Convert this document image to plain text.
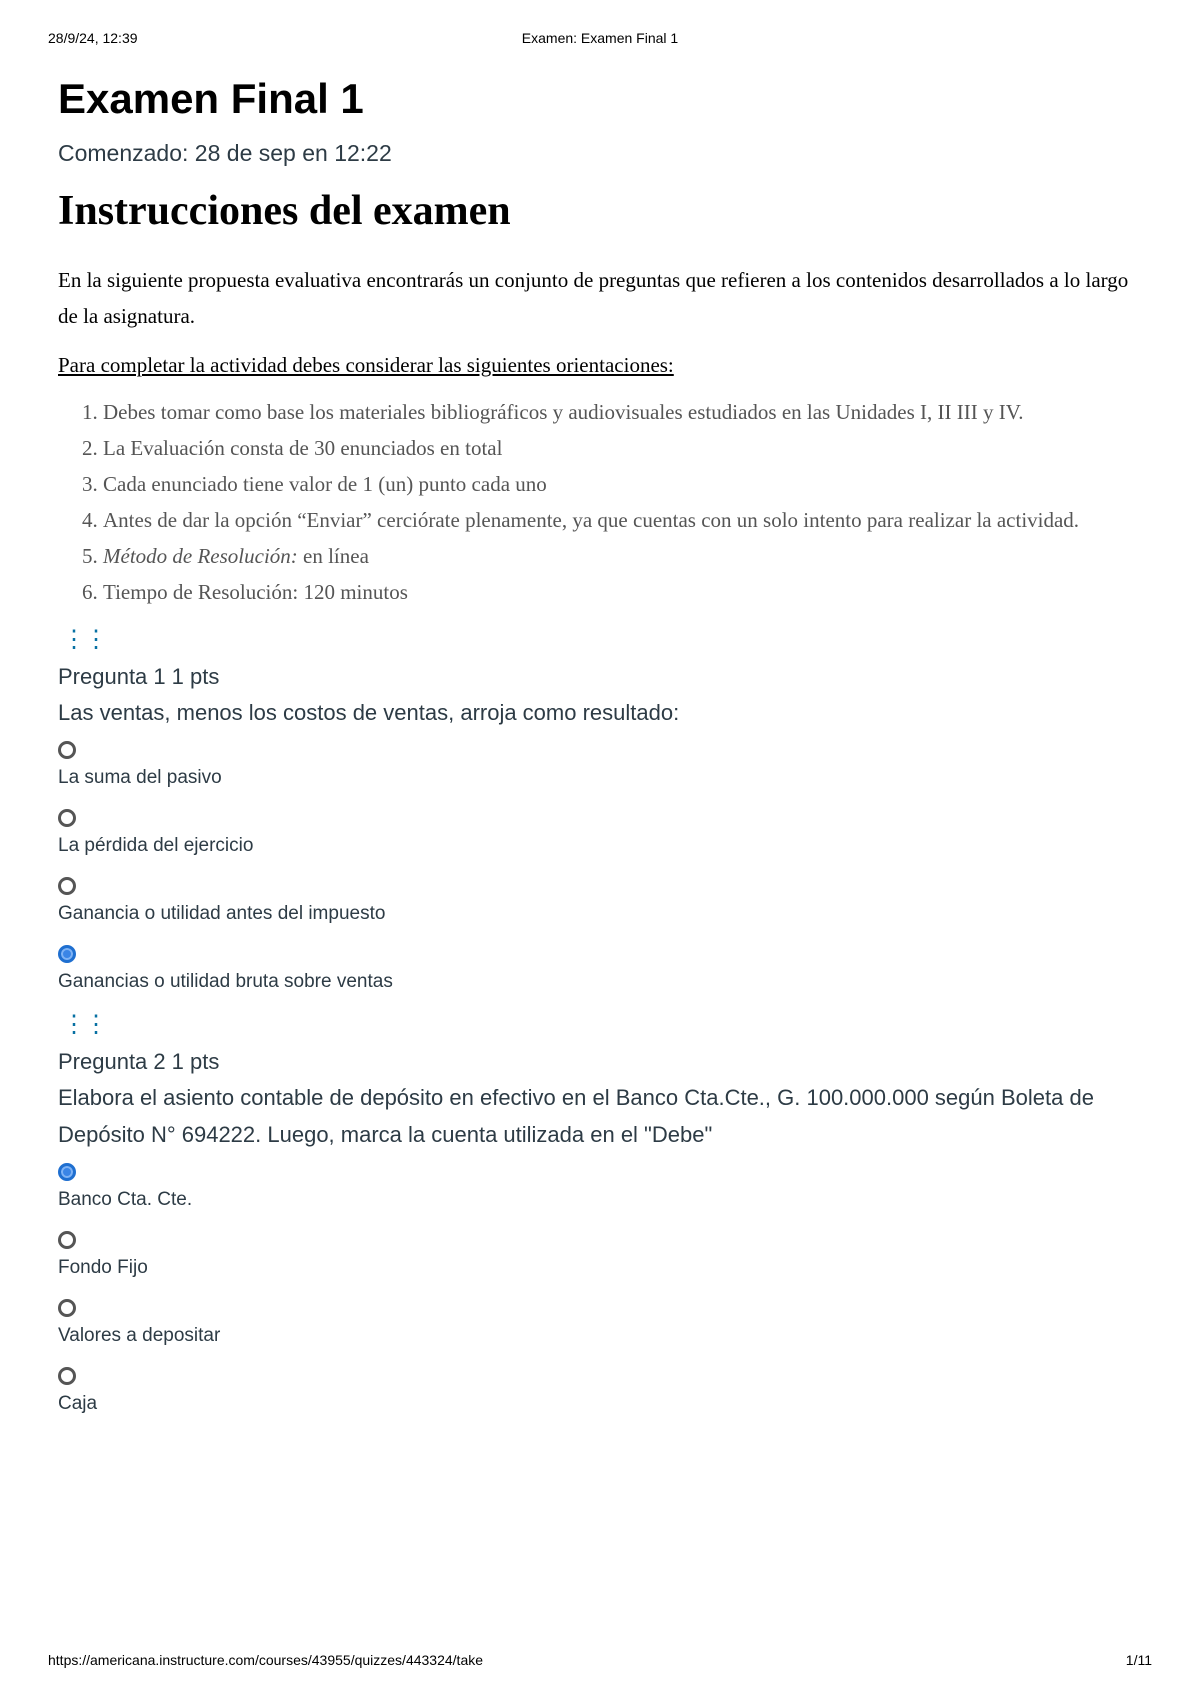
28/9/24, 12:39	Examen: Examen Final 1
Examen Final 1
Comenzado: 28 de sep en 12:22
Instrucciones del examen
En la siguiente propuesta evaluativa encontrarás un conjunto de preguntas que refieren a los contenidos desarrollados a lo largo de la asignatura.
Para completar la actividad debes considerar las siguientes orientaciones:
1. Debes tomar como base los materiales bibliográficos y audiovisuales estudiados en las Unidades I, II III y IV.
2. La Evaluación consta de 30 enunciados en total
3. Cada enunciado tiene valor de 1 (un) punto cada uno
4. Antes de dar la opción “Enviar” cerciórate plenamente, ya que cuentas con un solo intento para realizar la actividad.
5. Método de Resolución: en línea
6. Tiempo de Resolución: 120 minutos
⋮⋮
Pregunta 1 1 pts
Las ventas, menos los costos de ventas, arroja como resultado:
La suma del pasivo
La pérdida del ejercicio
Ganancia o utilidad antes del impuesto
Ganancias o utilidad bruta sobre ventas
⋮⋮
Pregunta 2 1 pts
Elabora el asiento contable de depósito en efectivo en el Banco Cta.Cte., G. 100.000.000 según Boleta de Depósito N° 694222. Luego, marca la cuenta utilizada en el "Debe"
Banco Cta. Cte.
Fondo Fijo
Valores a depositar
Caja
https://americana.instructure.com/courses/43955/quizzes/443324/take	1/11
